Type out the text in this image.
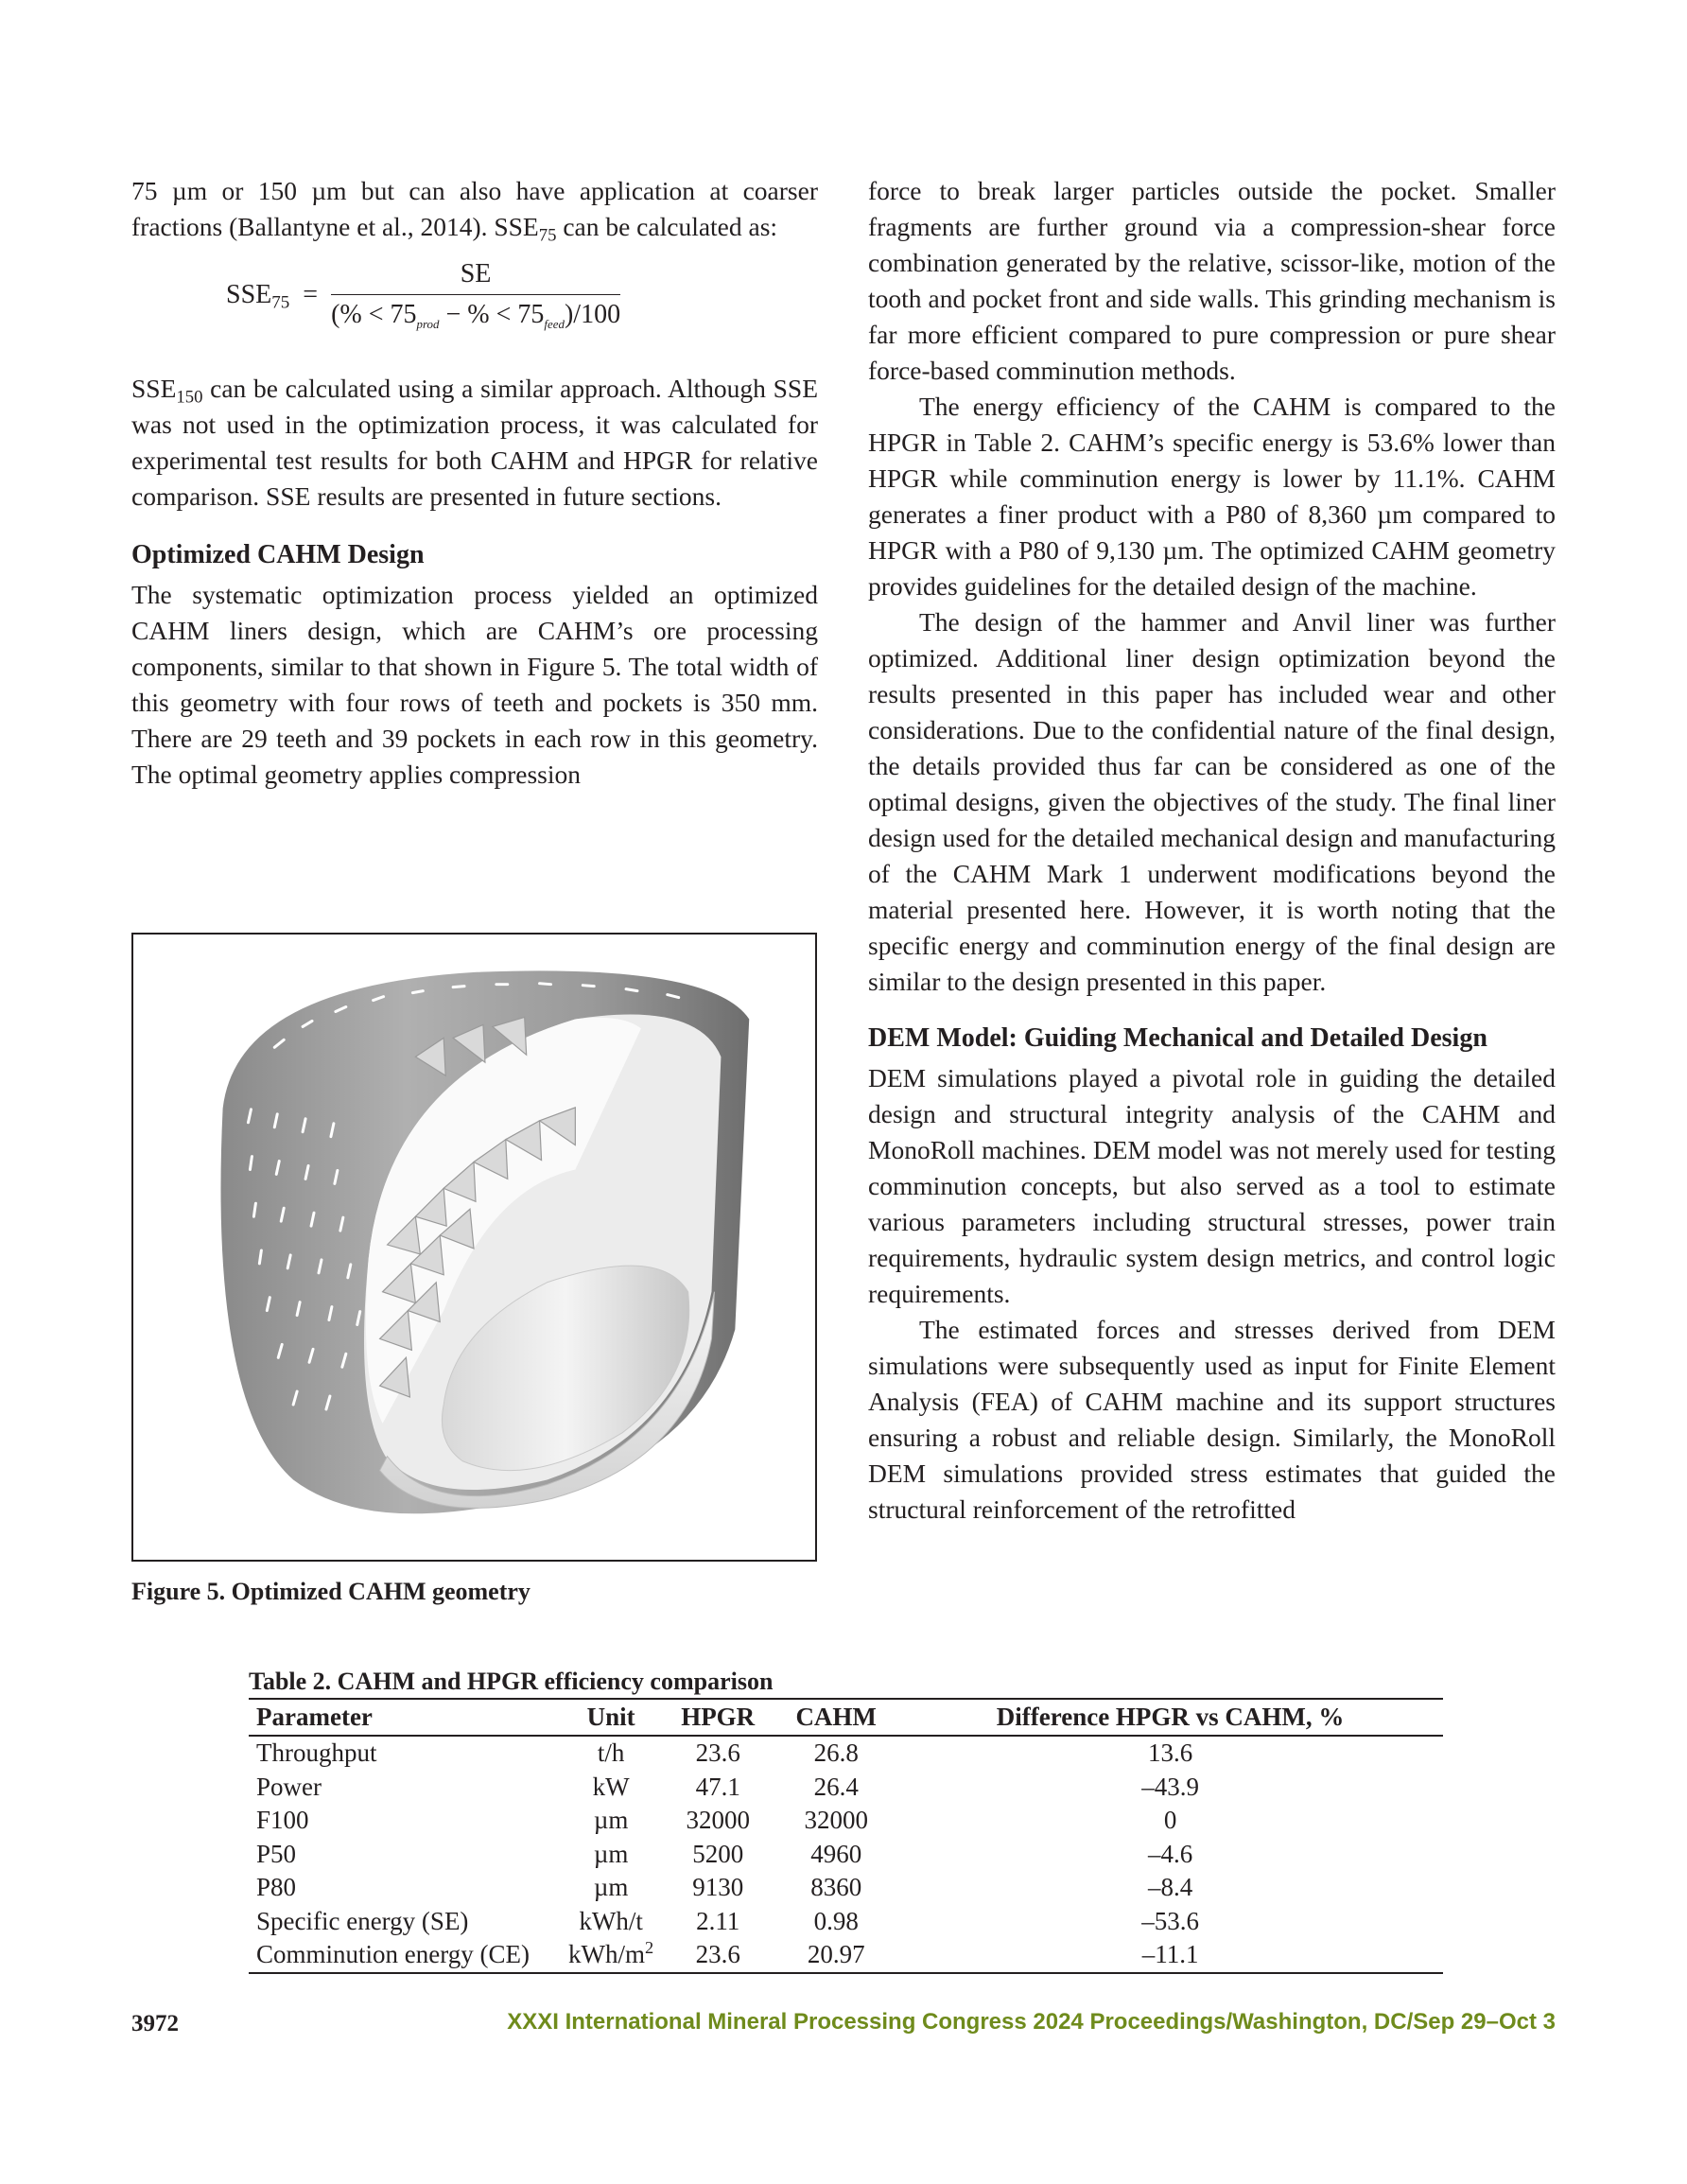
75 µm or 150 µm but can also have application at coarser fractions (Ballantyne et al., 2014). $SSE_{75}$ can be calculated as:

$SSE_{75} = \frac{SE}{(\% < 75_{prod} - \% < 75_{feed})/100}$

$SSE_{150}$ can be calculated using a similar approach. Although SSE was not used in the optimization process, it was calculated for experimental test results for both CAHM and HPGR for relative comparison. SSE results are presented in future sections.

Optimized CAHM Design

The systematic optimization process yielded an optimized CAHM liners design, which are CAHM’s ore processing components, similar to that shown in Figure 5. The total width of this geometry with four rows of teeth and pockets is 350 mm. There are 29 teeth and 39 pockets in each row in this geometry. The optimal geometry applies compression

Figure 5. Optimized CAHM geometry

force to break larger particles outside the pocket. Smaller fragments are further ground via a compression-shear force combination generated by the relative, scissor-like, motion of the tooth and pocket front and side walls. This grinding mechanism is far more efficient compared to pure compression or pure shear force-based comminution methods.

The energy efficiency of the CAHM is compared to the HPGR in Table 2. CAHM’s specific energy is 53.6% lower than HPGR while comminution energy is lower by 11.1%. CAHM generates a finer product with a P80 of 8,360 µm compared to HPGR with a P80 of 9,130 µm. The optimized CAHM geometry provides guidelines for the detailed design of the machine.

The design of the hammer and Anvil liner was further optimized. Additional liner design optimization beyond the results presented in this paper has included wear and other considerations. Due to the confidential nature of the final design, the details provided thus far can be considered as one of the optimal designs, given the objectives of the study. The final liner design used for the detailed mechanical design and manufacturing of the CAHM Mark 1 underwent modifications beyond the material presented here. However, it is worth noting that the specific energy and comminution energy of the final design are similar to the design presented in this paper.

DEM Model: Guiding Mechanical and Detailed Design

DEM simulations played a pivotal role in guiding the detailed design and structural integrity analysis of the CAHM and MonoRoll machines. DEM model was not merely used for testing comminution concepts, but also served as a tool to estimate various parameters including structural stresses, power train requirements, hydraulic system design metrics, and control logic requirements.

The estimated forces and stresses derived from DEM simulations were subsequently used as input for Finite Element Analysis (FEA) of CAHM machine and its support structures ensuring a robust and reliable design. Similarly, the MonoRoll DEM simulations provided stress estimates that guided the structural reinforcement of the retrofitted

Table 2. CAHM and HPGR efficiency comparison
Parameter	Unit	HPGR	CAHM	Difference HPGR vs CAHM, %
Throughput	t/h	23.6	26.8	13.6
Power	kW	47.1	26.4	–43.9
F100	µm	32000	32000	0
P50	µm	5200	4960	–4.6
P80	µm	9130	8360	–8.4
Specific energy (SE)	kWh/t	2.11	0.98	–53.6
Comminution energy (CE)	kWh/$m^2$	23.6	20.97	–11.1
3972	XXXI International Mineral Processing Congress 2024 Proceedings/Washington, DC/Sep 29–Oct 3
